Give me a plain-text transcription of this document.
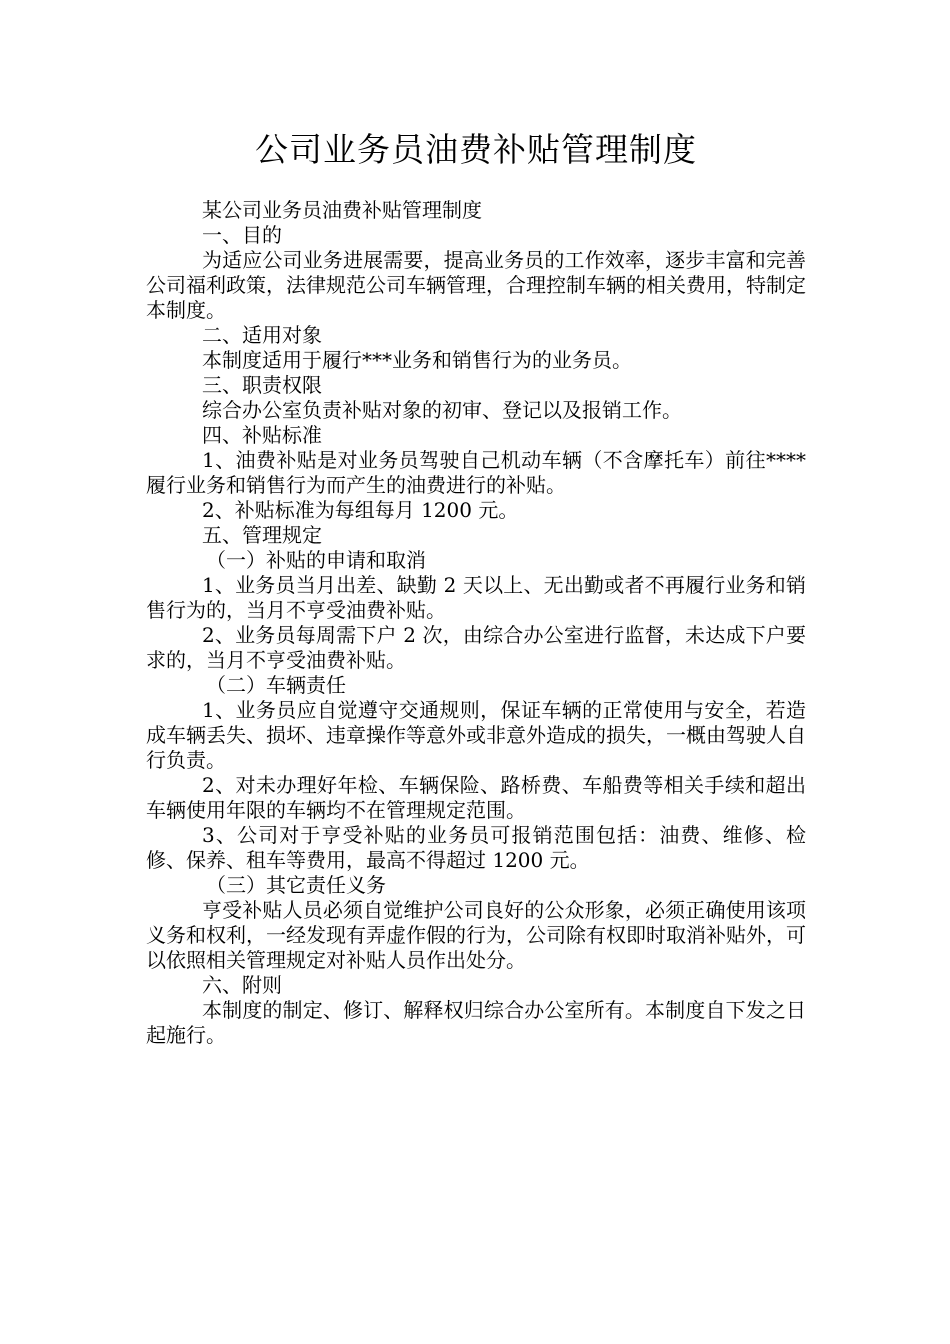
公司业务员油费补贴管理制度

某公司业务员油费补贴管理制度

一、目的

为适应公司业务进展需要，提高业务员的工作效率，逐步丰富和完善公司福利政策，法律规范公司车辆管理，合理控制车辆的相关费用，特制定本制度。

二、适用对象

本制度适用于履行***业务和销售行为的业务员。

三、职责权限

综合办公室负责补贴对象的初审、登记以及报销工作。

四、补贴标准

1、油费补贴是对业务员驾驶自己机动车辆（不含摩托车）前往****履行业务和销售行为而产生的油费进行的补贴。

2、补贴标准为每组每月 1200 元。

五、管理规定

（一）补贴的申请和取消

1、业务员当月出差、缺勤 2 天以上、无出勤或者不再履行业务和销售行为的，当月不亨受油费补贴。

2、业务员每周需下户 2 次，由综合办公室进行监督，未达成下户要求的，当月不亨受油费补贴。

（二）车辆责任

1、业务员应自觉遵守交通规则，保证车辆的正常使用与安全，若造成车辆丢失、损坏、违章操作等意外或非意外造成的损失，一概由驾驶人自行负责。

2、对未办理好年检、车辆保险、路桥费、车船费等相关手续和超出车辆使用年限的车辆均不在管理规定范围。

3、公司对于亨受补贴的业务员可报销范围包括：油费、维修、检修、保养、租车等费用，最高不得超过 1200 元。

（三）其它责任义务

亨受补贴人员必须自觉维护公司良好的公众形象，必须正确使用该项义务和权利，一经发现有弄虚作假的行为，公司除有权即时取消补贴外，可以依照相关管理规定对补贴人员作出处分。

六、附则

本制度的制定、修订、解释权归综合办公室所有。本制度自下发之日起施行。
